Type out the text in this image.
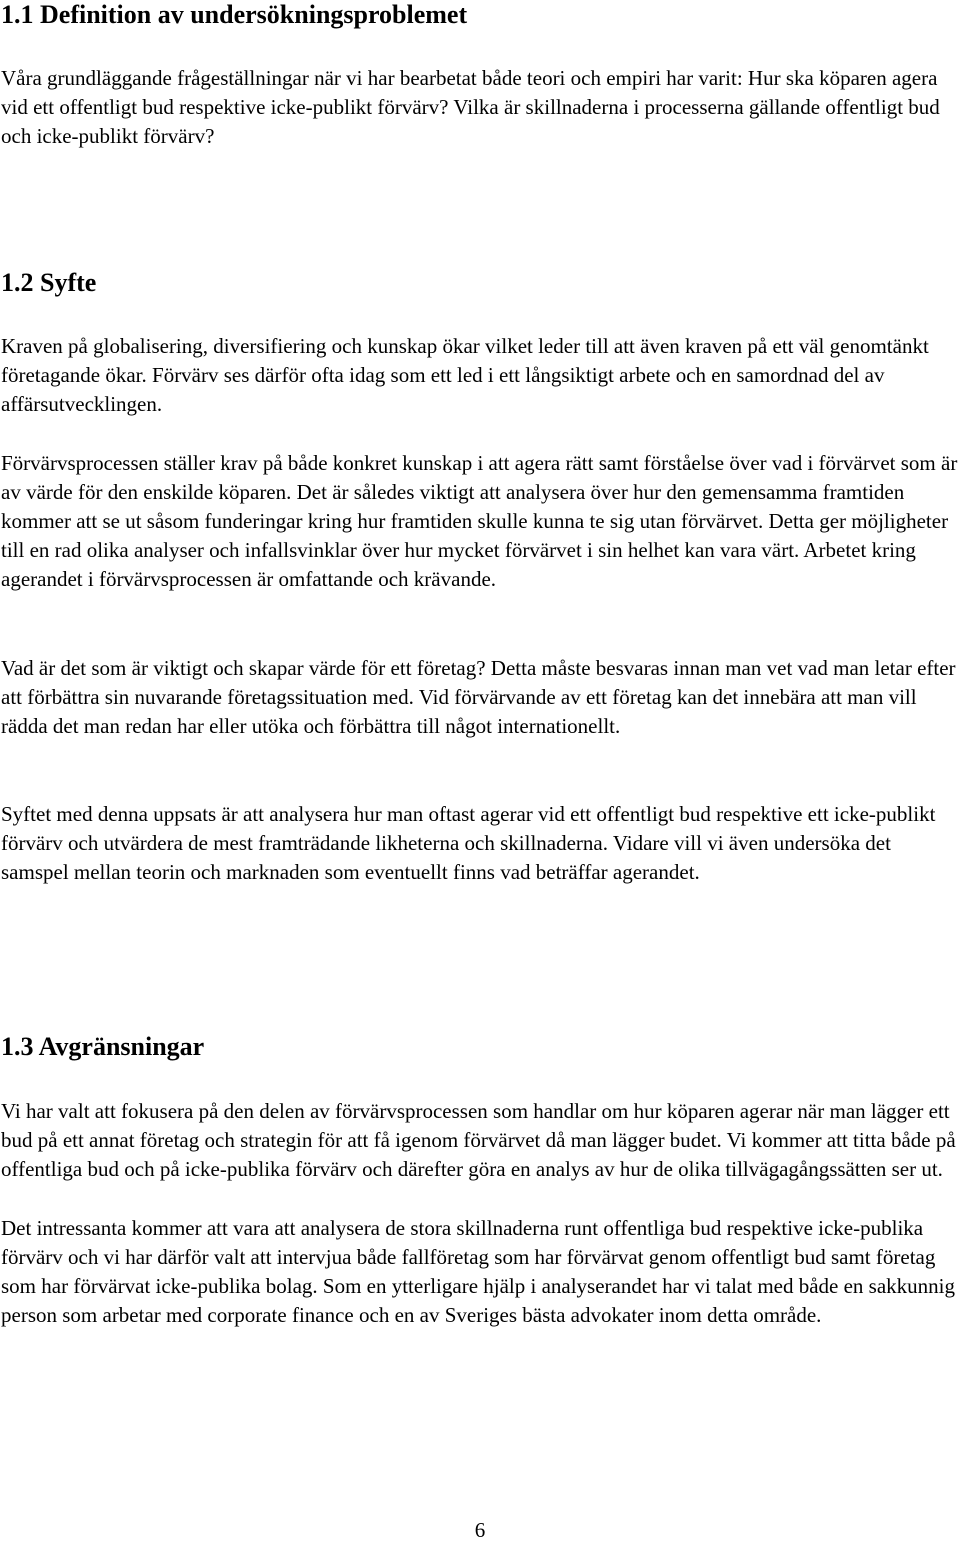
1.1 Definition av undersökningsproblemet

Våra grundläggande frågeställningar när vi har bearbetat både teori och empiri har varit: Hur ska köparen agera vid ett offentligt bud respektive icke-publikt förvärv? Vilka är skillnaderna i processerna gällande offentligt bud och icke-publikt förvärv?

1.2 Syfte

Kraven på globalisering, diversifiering och kunskap ökar vilket leder till att även kraven på ett väl genomtänkt företagande ökar. Förvärv ses därför ofta idag som ett led i ett långsiktigt arbete och en samordnad del av affärsutvecklingen.

Förvärvsprocessen ställer krav på både konkret kunskap i att agera rätt samt förståelse över vad i förvärvet som är av värde för den enskilde köparen. Det är således viktigt att analysera över hur den gemensamma framtiden kommer att se ut såsom funderingar kring hur framtiden skulle kunna te sig utan förvärvet. Detta ger möjligheter till en rad olika analyser och infallsvinklar över hur mycket förvärvet i sin helhet kan vara värt. Arbetet kring agerandet i förvärvsprocessen är omfattande och krävande.

Vad är det som är viktigt och skapar värde för ett företag? Detta måste besvaras innan man vet vad man letar efter att förbättra sin nuvarande företagssituation med. Vid förvärvande av ett företag kan det innebära att man vill rädda det man redan har eller utöka och förbättra till något internationellt.

Syftet med denna uppsats är att analysera hur man oftast agerar vid ett offentligt bud respektive ett icke-publikt förvärv och utvärdera de mest framträdande likheterna och skillnaderna. Vidare vill vi även undersöka det samspel mellan teorin och marknaden som eventuellt finns vad beträffar agerandet.

1.3 Avgränsningar

Vi har valt att fokusera på den delen av förvärvsprocessen som handlar om hur köparen agerar när man lägger ett bud på ett annat företag och strategin för att få igenom förvärvet då man lägger budet. Vi kommer att titta både på offentliga bud och på icke-publika förvärv och därefter göra en analys av hur de olika tillvägagångssätten ser ut.

Det intressanta kommer att vara att analysera de stora skillnaderna runt offentliga bud respektive icke-publika förvärv och vi har därför valt att intervjua både fallföretag som har förvärvat genom offentligt bud samt företag som har förvärvat icke-publika bolag. Som en ytterligare hjälp i analyserandet har vi talat med både en sakkunnig person som arbetar med corporate finance och en av Sveriges bästa advokater inom detta område.

6
